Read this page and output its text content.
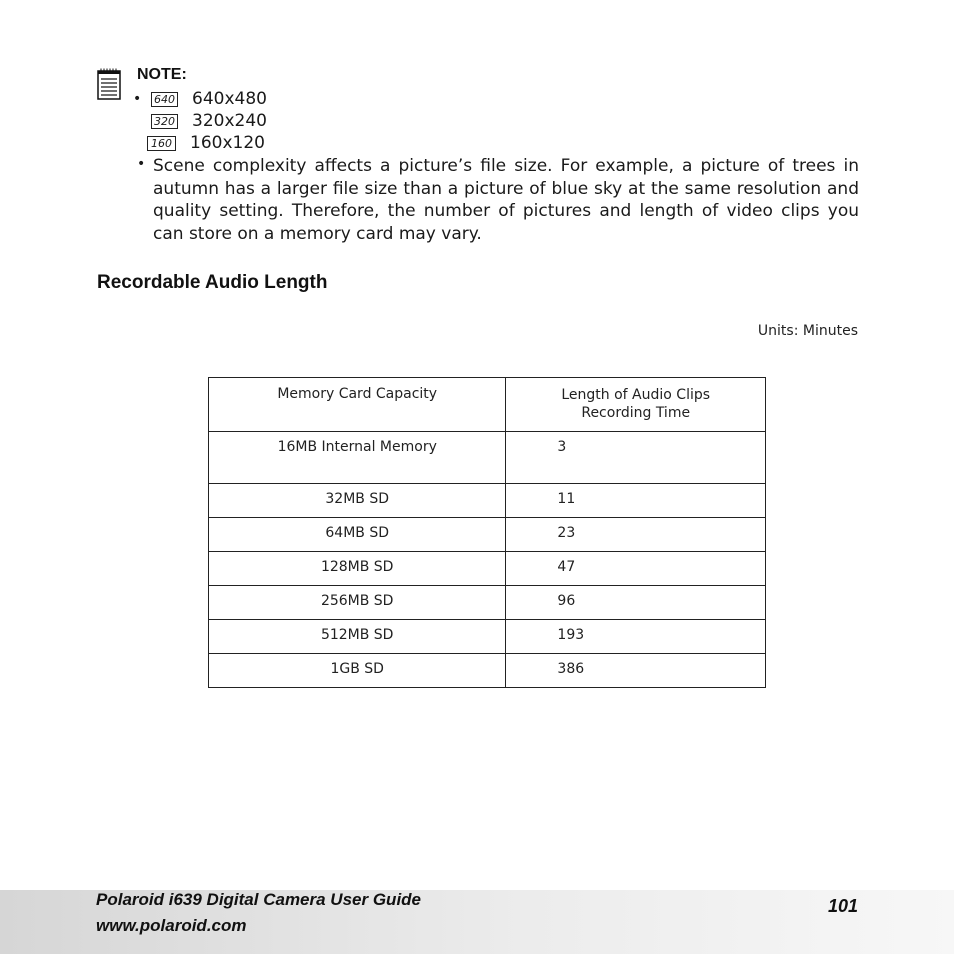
NOTE:
•	640 640x480
320 320x240
160 160x120
• Scene complexity affects a picture’s file size. For example, a picture of trees in autumn has a larger file size than a picture of blue sky at the same resolution and quality setting. Therefore, the number of pictures and length of video clips you can store on a memory card may vary.
Recordable Audio Length
Units: Minutes
Memory Card Capacity	Length of Audio Clips
Recording Time

16MB Internal Memory	3
32MB SD	11
64MB SD	23
128MB SD	47
256MB SD	96
512MB SD	193
1GB SD	386
Polaroid i639 Digital Camera User Guide
www.polaroid.com
101
